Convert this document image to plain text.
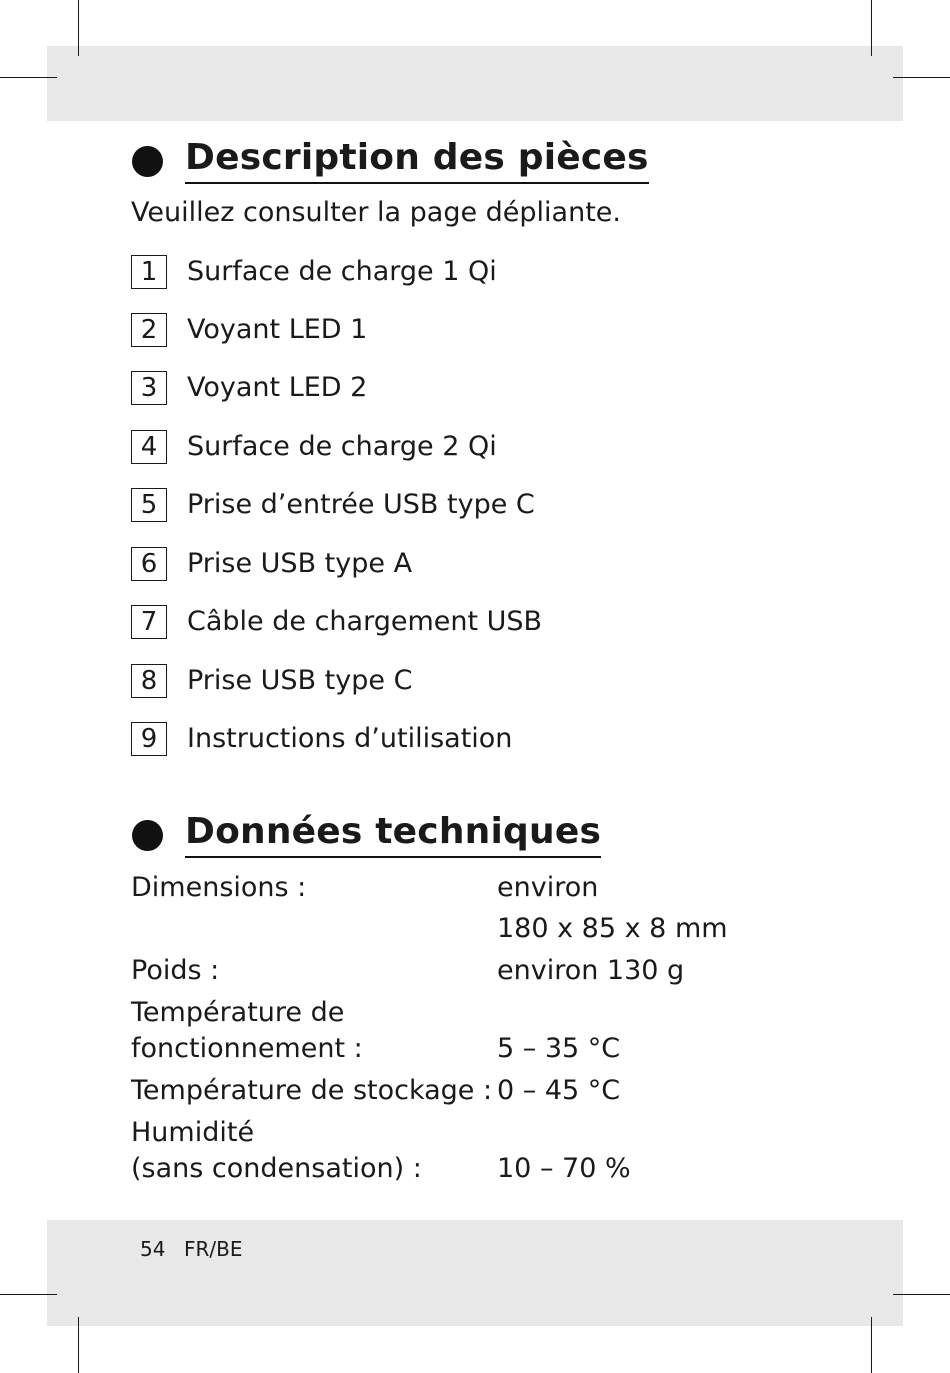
Description des pièces
Veuillez consulter la page dépliante.
1	Surface de charge 1 Qi
2	Voyant LED 1
3	Voyant LED 2
4	Surface de charge 2 Qi
5	Prise d’entrée USB type C
6	Prise USB type A
7	Câble de chargement USB
8	Prise USB type C
9	Instructions d’utilisation
Données techniques
Dimensions :	environ
180 x 85 x 8 mm
Poids :	environ 130 g
Température de
fonctionnement :	5 – 35 °C
Température de stockage : 0 – 45 °C
Humidité
(sans condensation) :	10 – 70 %
54 FR/BE
